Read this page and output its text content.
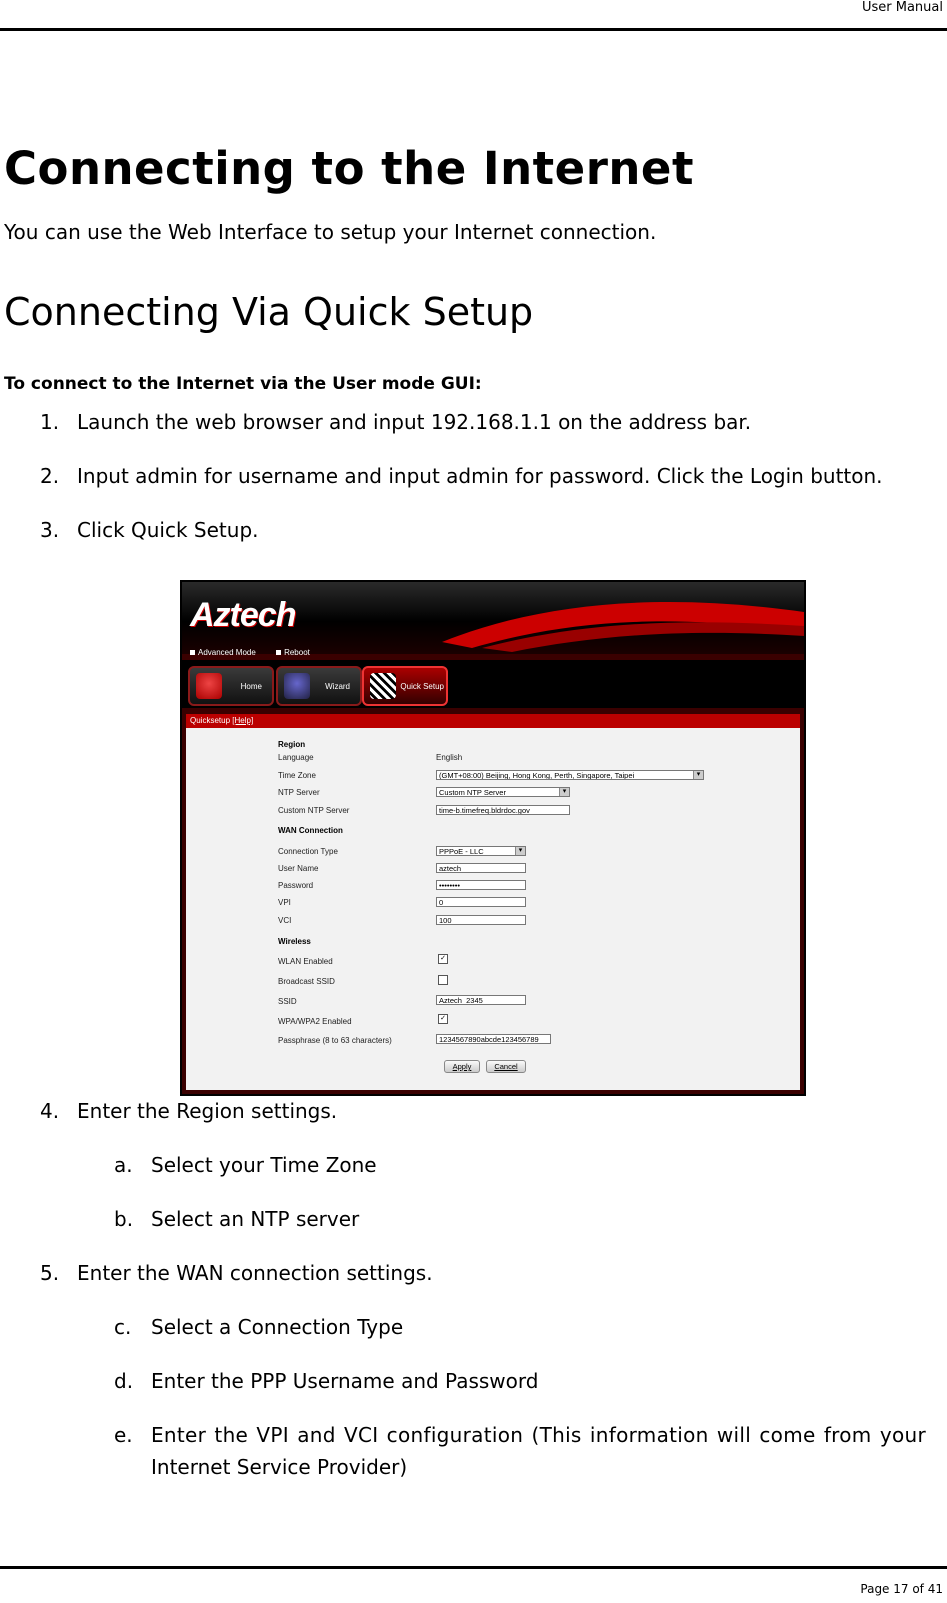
User Manual
Connecting to the Internet
You can use the Web Interface to setup your Internet connection.
Connecting Via Quick Setup
To connect to the Internet via the User mode GUI:
1. Launch the web browser and input 192.168.1.1 on the address bar.
2. Input admin for username and input admin for password. Click the Login button.
3. Click Quick Setup.
Aztech
Advanced Mode	Reboot
Home	Wizard	Quick Setup
Quicksetup [Help]
Region
Language	English
Time Zone	(GMT+08:00) Beijing, Hong Kong, Perth, Singapore, Taipei ▾
NTP Server	Custom NTP Server ▾
Custom NTP Server	time-b.timefreq.bldrdoc.gov
WAN Connection
Connection Type	PPPoE - LLC ▾
User Name	aztech
Password	••••••••
VPI	0
VCI	100
Wireless
WLAN Enabled	✓
Broadcast SSID
SSID	Aztech_2345
WPA/WPA2 Enabled	✓
Passphrase (8 to 63 characters)	1234567890abcde123456789
Apply	Cancel
4. Enter the Region settings.
a. Select your Time Zone
b. Select an NTP server
5. Enter the WAN connection settings.
c. Select a Connection Type
d. Enter the PPP Username and Password
e. Enter the VPI and VCI configuration (This information will come from your
Internet Service Provider)
Page 17 of 41
